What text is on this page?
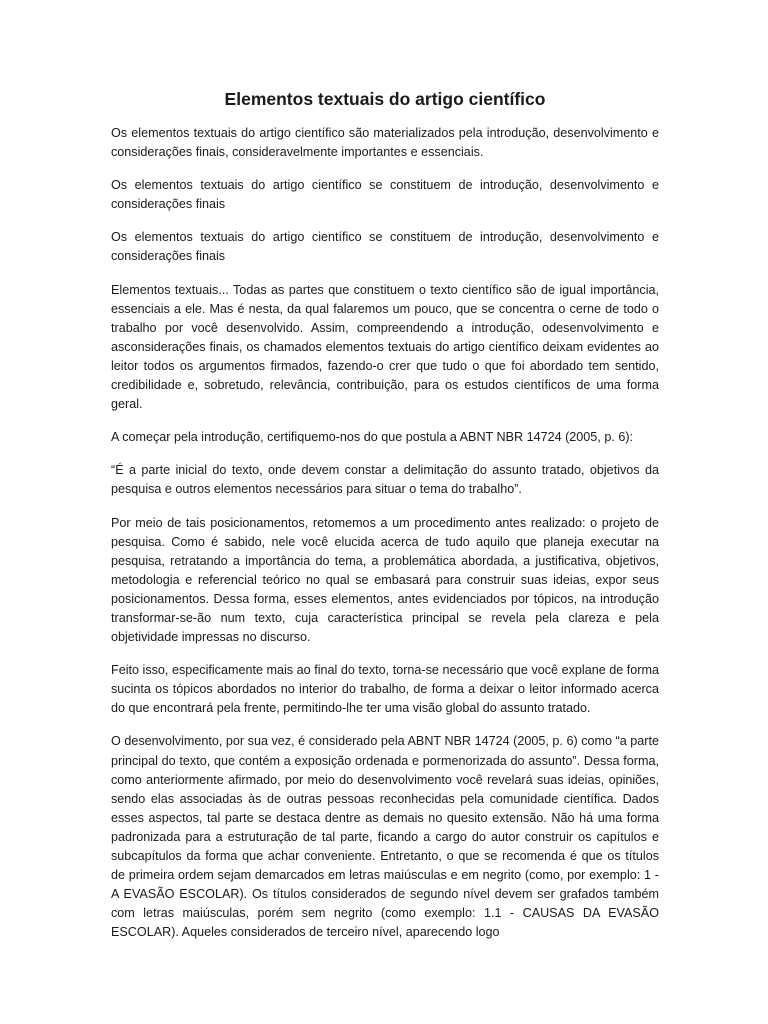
Elementos textuais do artigo científico

Os elementos textuais do artigo científico são materializados pela introdução, desenvolvimento e considerações finais, consideravelmente importantes e essenciais.

Os elementos textuais do artigo científico se constituem de introdução, desenvolvimento e considerações finais

Os elementos textuais do artigo científico se constituem de introdução, desenvolvimento e considerações finais

Elementos textuais... Todas as partes que constituem o texto científico são de igual importância, essenciais a ele. Mas é nesta, da qual falaremos um pouco, que se concentra o cerne de todo o trabalho por você desenvolvido. Assim, compreendendo a introdução, odesenvolvimento e asconsiderações finais, os chamados elementos textuais do artigo científico deixam evidentes ao leitor todos os argumentos firmados, fazendo-o crer que tudo o que foi abordado tem sentido, credibilidade e, sobretudo, relevância, contribuição, para os estudos científicos de uma forma geral.

A começar pela introdução, certifiquemo-nos do que postula a ABNT NBR 14724 (2005, p. 6):

“É a parte inicial do texto, onde devem constar a delimitação do assunto tratado, objetivos da pesquisa e outros elementos necessários para situar o tema do trabalho”.

Por meio de tais posicionamentos, retomemos a um procedimento antes realizado: o projeto de pesquisa. Como é sabido, nele você elucida acerca de tudo aquilo que planeja executar na pesquisa, retratando a importância do tema, a problemática abordada, a justificativa, objetivos, metodologia e referencial teórico no qual se embasará para construir suas ideias, expor seus posicionamentos. Dessa forma, esses elementos, antes evidenciados por tópicos, na introdução transformar-se-ão num texto, cuja característica principal se revela pela clareza e pela objetividade impressas no discurso.

Feito isso, especificamente mais ao final do texto, torna-se necessário que você explane de forma sucinta os tópicos abordados no interior do trabalho, de forma a deixar o leitor informado acerca do que encontrará pela frente, permitindo-lhe ter uma visão global do assunto tratado.

O desenvolvimento, por sua vez, é considerado pela ABNT NBR 14724 (2005, p. 6) como “a parte principal do texto, que contém a exposição ordenada e pormenorizada do assunto”. Dessa forma, como anteriormente afirmado, por meio do desenvolvimento você revelará suas ideias, opiniões, sendo elas associadas às de outras pessoas reconhecidas pela comunidade científica. Dados esses aspectos, tal parte se destaca dentre as demais no quesito extensão. Não há uma forma padronizada para a estruturação de tal parte, ficando a cargo do autor construir os capítulos e subcapítulos da forma que achar conveniente. Entretanto, o que se recomenda é que os títulos de primeira ordem sejam demarcados em letras maiúsculas e em negrito (como, por exemplo: 1 - A EVASÃO ESCOLAR). Os títulos considerados de segundo nível devem ser grafados também com letras maiúsculas, porém sem negrito (como exemplo: 1.1 - CAUSAS DA EVASÃO ESCOLAR). Aqueles considerados de terceiro nível, aparecendo logo
